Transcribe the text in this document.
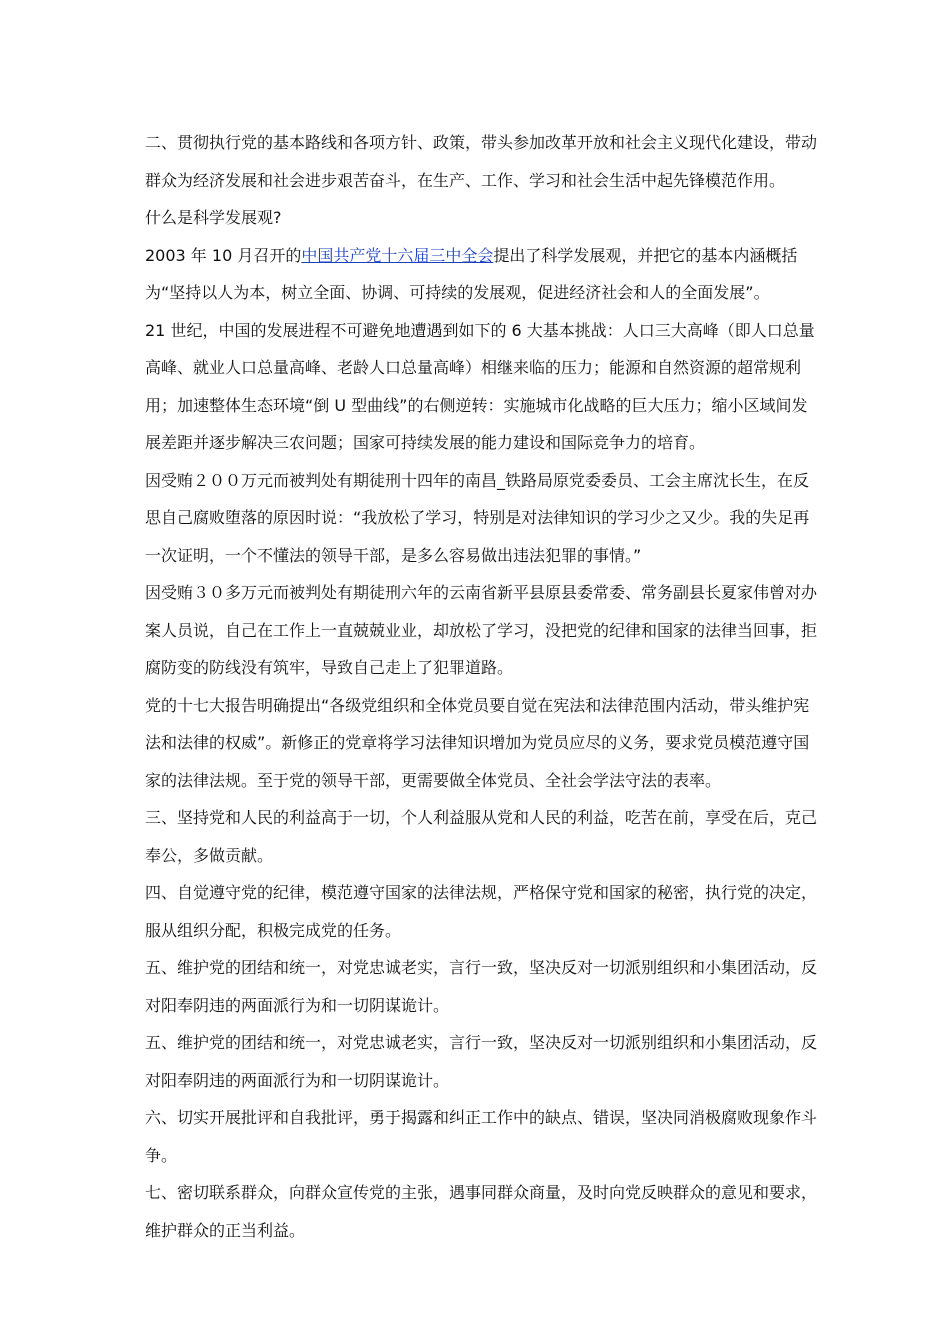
二、贯彻执行党的基本路线和各项方针、政策，带头参加改革开放和社会主义现代化建设，带动群众为经济发展和社会进步艰苦奋斗，在生产、工作、学习和社会生活中起先锋模范作用。

什么是科学发展观?

2003 年 10 月召开的中国共产党十六届三中全会提出了科学发展观，并把它的基本内涵概括为“坚持以人为本，树立全面、协调、可持续的发展观，促进经济社会和人的全面发展”。

21 世纪，中国的发展进程不可避免地遭遇到如下的 6 大基本挑战：人口三大高峰（即人口总量高峰、就业人口总量高峰、老龄人口总量高峰）相继来临的压力；能源和自然资源的超常规利用；加速整体生态环境“倒 U 型曲线”的右侧逆转：实施城市化战略的巨大压力；缩小区域间发展差距并逐步解决三农问题；国家可持续发展的能力建设和国际竞争力的培育。

因受贿２００万元而被判处有期徒刑十四年的南昌_铁路局原党委委员、工会主席沈长生，在反思自己腐败堕落的原因时说：“我放松了学习，特别是对法律知识的学习少之又少。我的失足再一次证明，一个不懂法的领导干部，是多么容易做出违法犯罪的事情。”

因受贿３０多万元而被判处有期徒刑六年的云南省新平县原县委常委、常务副县长夏家伟曾对办案人员说，自己在工作上一直兢兢业业，却放松了学习，没把党的纪律和国家的法律当回事，拒腐防变的防线没有筑牢，导致自己走上了犯罪道路。

党的十七大报告明确提出“各级党组织和全体党员要自觉在宪法和法律范围内活动，带头维护宪法和法律的权威”。新修正的党章将学习法律知识增加为党员应尽的义务，要求党员模范遵守国家的法律法规。至于党的领导干部，更需要做全体党员、全社会学法守法的表率。

三、坚持党和人民的利益高于一切，个人利益服从党和人民的利益，吃苦在前，享受在后，克己奉公，多做贡献。

四、自觉遵守党的纪律，模范遵守国家的法律法规，严格保守党和国家的秘密，执行党的决定，服从组织分配，积极完成党的任务。

五、维护党的团结和统一，对党忠诚老实，言行一致，坚决反对一切派别组织和小集团活动，反对阳奉阴违的两面派行为和一切阴谋诡计。

五、维护党的团结和统一，对党忠诚老实，言行一致，坚决反对一切派别组织和小集团活动，反对阳奉阴违的两面派行为和一切阴谋诡计。

六、切实开展批评和自我批评，勇于揭露和纠正工作中的缺点、错误，坚决同消极腐败现象作斗争。

七、密切联系群众，向群众宣传党的主张，遇事同群众商量，及时向党反映群众的意见和要求，维护群众的正当利益。
